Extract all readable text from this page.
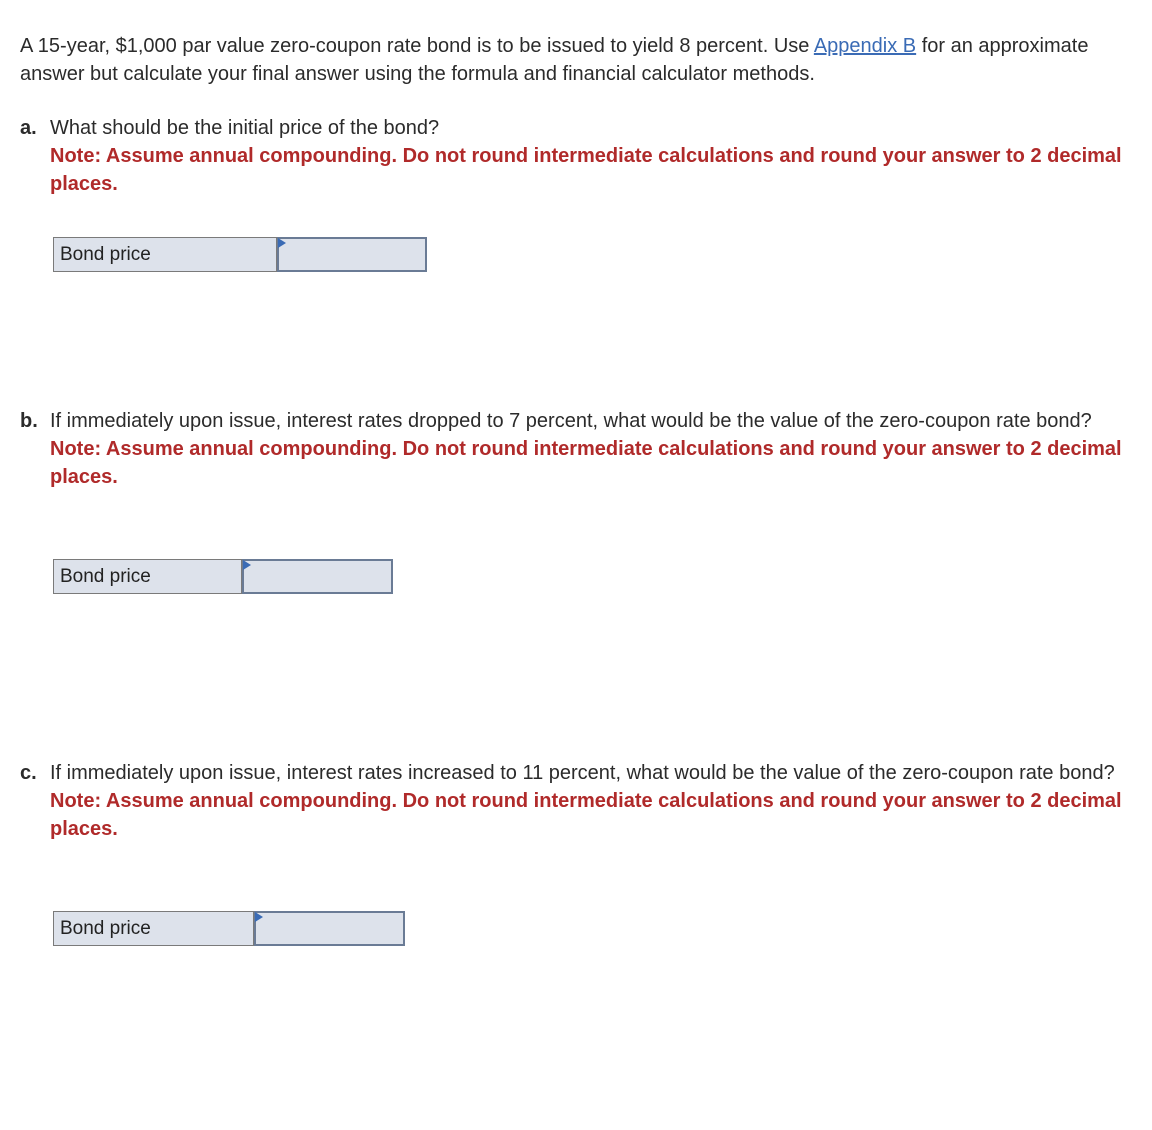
A 15-year, $1,000 par value zero-coupon rate bond is to be issued to yield 8 percent. Use Appendix B for an approximate answer but calculate your final answer using the formula and financial calculator methods.

a. What should be the initial price of the bond?
Note: Assume annual compounding. Do not round intermediate calculations and round your answer to 2 decimal places.
Bond price
b. If immediately upon issue, interest rates dropped to 7 percent, what would be the value of the zero-coupon rate bond?
Note: Assume annual compounding. Do not round intermediate calculations and round your answer to 2 decimal places.
Bond price
c. If immediately upon issue, interest rates increased to 11 percent, what would be the value of the zero-coupon rate bond?
Note: Assume annual compounding. Do not round intermediate calculations and round your answer to 2 decimal places.
Bond price
